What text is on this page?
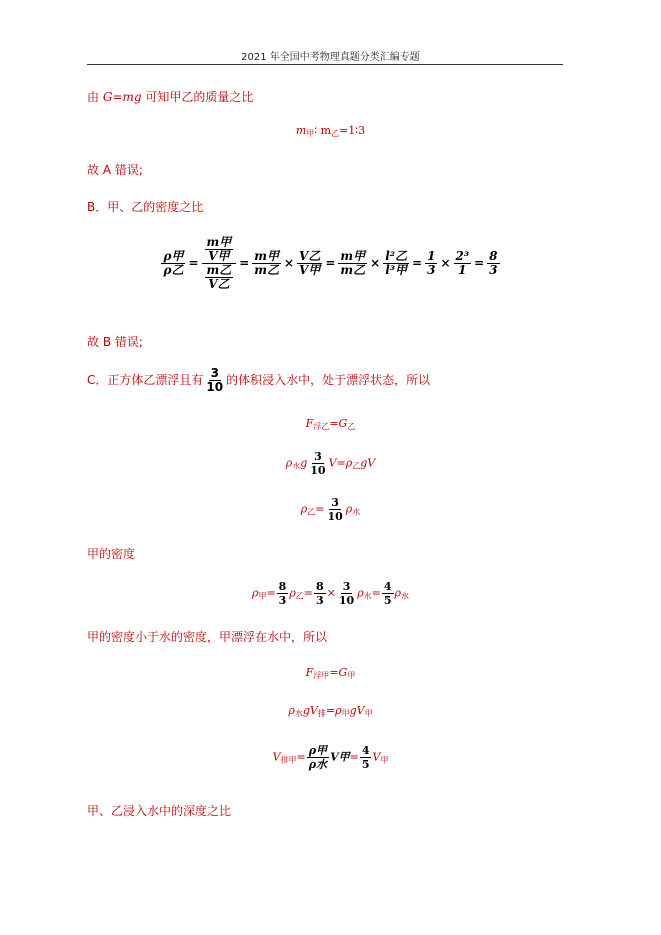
2021 年全国中考物理真题分类汇编专题
由 G=mg 可知甲乙的质量之比
$m_甲∶$ $m_乙=1∶3$
故 A 错误;
B．甲、乙的密度之比
$\frac{\text{ρ甲}}{\text{ρ乙}} = \frac{\frac{\text{m甲}}{\text{V甲}}}{\frac{\text{m乙}}{\text{V乙}}} = \frac{\text{m甲}}{\text{m乙}} \times \frac{\text{V乙}}{\text{V甲}} = \frac{\text{m甲}}{\text{m乙}} \times \frac{\text{l²乙}}{\text{l³甲}} = \frac{1}{3} \times \frac{\text{2³}}{1} = \frac{8}{3}$
故 B 错误;
C．正方体乙漂浮且有 $\frac{3}{10}$ 的体积浸入水中，处于漂浮状态，所以
$F_{浮乙}=G_乙$
$\rho_水g \frac{3}{10} V=\rho_乙gV$
$\rho_乙= \frac{3}{10} \rho_水$
甲的密度
$\rho_甲= \frac{8}{3} \rho_乙= \frac{8}{3} \times \frac{3}{10} \rho_水= \frac{4}{5} \rho_水$
甲的密度小于水的密度，甲漂浮在水中，所以
$F_{浮甲}=G_甲$
$\rho_水gV_排=\rho_甲gV_甲$
$V_{排甲}= \frac{\text{ρ甲}}{\text{ρ水}}$ V甲= $\frac{4}{5} V_甲$
甲、乙浸入水中的深度之比
